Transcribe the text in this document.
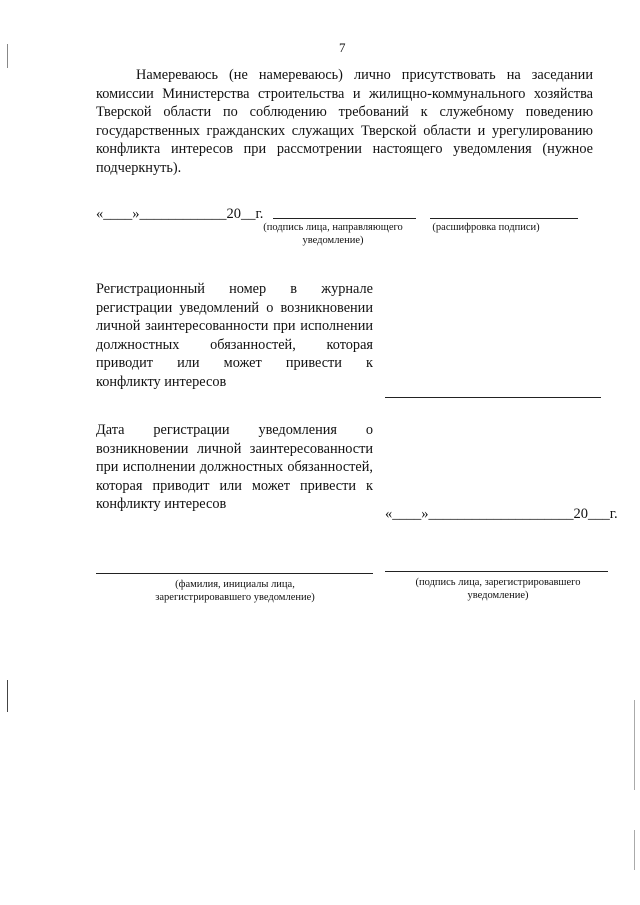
7

Намереваюсь (не намереваюсь) лично присутствовать на заседании комиссии Министерства строительства и жилищно-коммунального хозяйства Тверской области по соблюдению требований к служебному поведению государственных гражданских служащих Тверской области и урегулированию конфликта интересов при рассмотрении настоящего уведомления (нужное подчеркнуть).

«____»____________20__г.
(подпись лица, направляющего уведомление)
(расшифровка подписи)

Регистрационный номер в журнале регистрации уведомлений о возникновении личной заинтересованности при исполнении должностных обязанностей, которая приводит или может привести к
конфликту интересов

Дата регистрации уведомления о возникновении личной заинтересованности при исполнении должностных обязанностей, которая приводит или может привести к
конфликту интересов

«____»____________________20___г.
(фамилия, инициалы лица, зарегистрировавшего уведомление)
(подпись лица, зарегистрировавшего уведомление)
